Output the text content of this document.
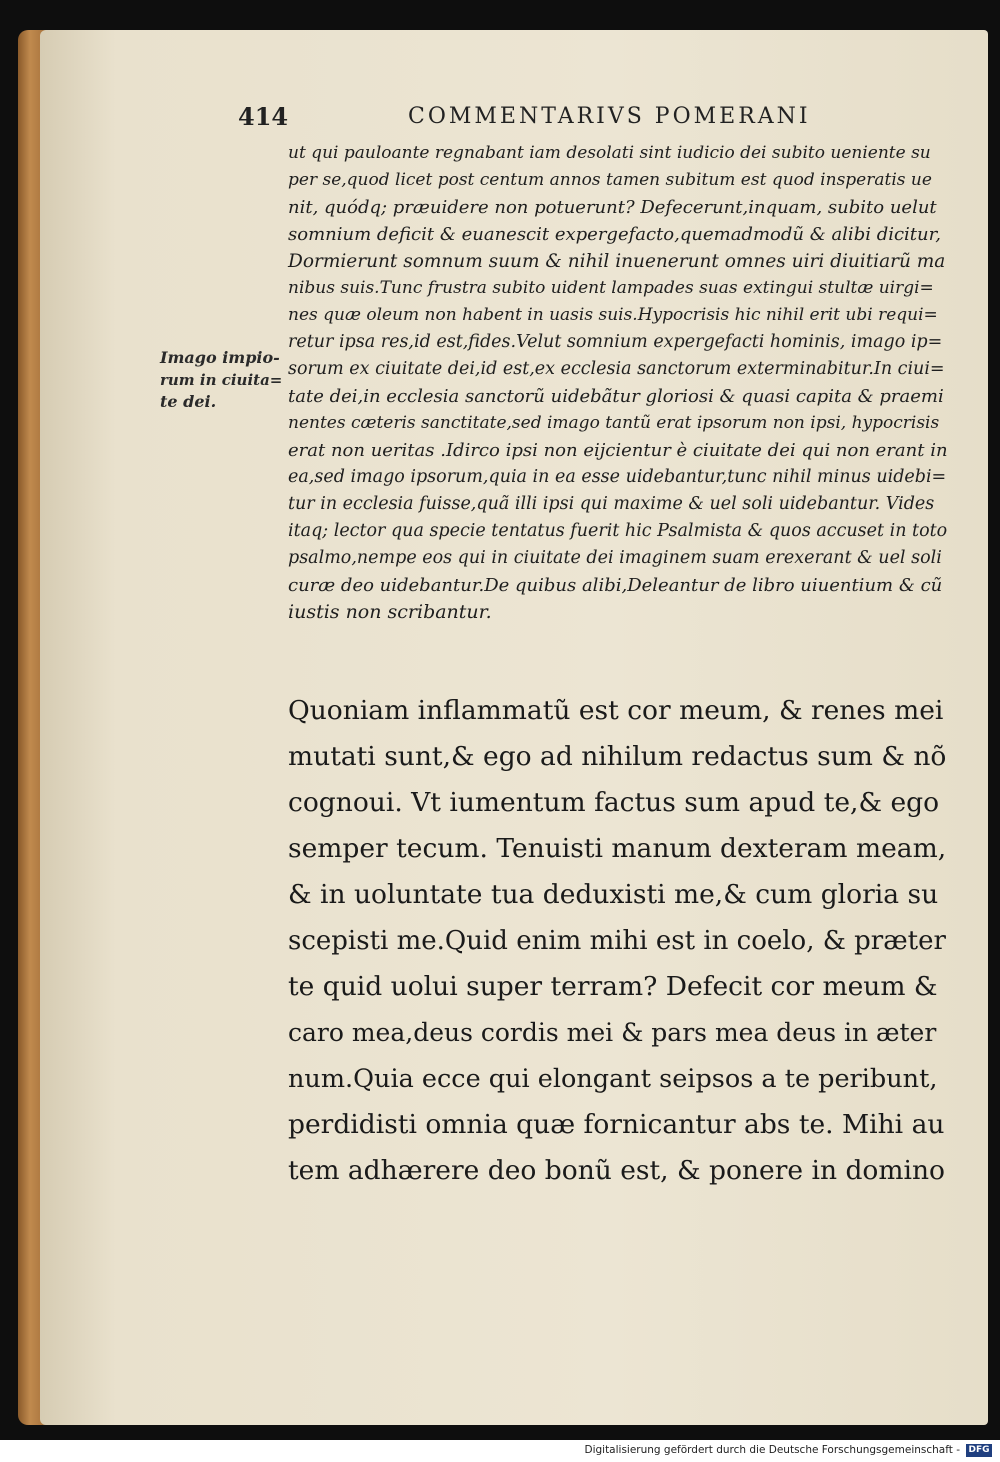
414	COMMENTARIVS POMERANI
Imago impio-
rum in ciuita=
te dei.
ut qui pauloante regnabant iam desolati sint iudicio dei subito ueniente su
per se,quod licet post centum annos tamen subitum est quod insperatis ue
nit, quódq; præuidere non potuerunt? Defecerunt,inquam, subito uelut
somnium deficit & euanescit expergefacto,quemadmodũ & alibi dicitur,
Dormierunt somnum suum & nihil inuenerunt omnes uiri diuitiarũ ma
nibus suis.Tunc frustra subito uident lampades suas extingui stultæ uirgi=
nes quæ oleum non habent in uasis suis.Hypocrisis hic nihil erit ubi requi=
retur ipsa res,id est,fides.Velut somnium expergefacti hominis, imago ip=
sorum ex ciuitate dei,id est,ex ecclesia sanctorum exterminabitur.In ciui=
tate dei,in ecclesia sanctorũ uidebãtur gloriosi & quasi capita & praemi
nentes cæteris sanctitate,sed imago tantũ erat ipsorum non ipsi, hypocrisis
erat non ueritas .Idirco ipsi non eijcientur è ciuitate dei qui non erant in
ea,sed imago ipsorum,quia in ea esse uidebantur,tunc nihil minus uidebi=
tur in ecclesia fuisse,quã illi ipsi qui maxime & uel soli uidebantur. Vides
itaq; lector qua specie tentatus fuerit hic Psalmista & quos accuset in toto
psalmo,nempe eos qui in ciuitate dei imaginem suam erexerant & uel soli
curæ deo uidebantur.De quibus alibi,Deleantur de libro uiuentium & cũ
iustis non scribantur.
Quoniam inflammatũ est cor meum, & renes mei
mutati sunt,& ego ad nihilum redactus sum & nõ
cognoui. Vt iumentum factus sum apud te,& ego
semper tecum. Tenuisti manum dexteram meam,
& in uoluntate tua deduxisti me,& cum gloria su
scepisti me.Quid enim mihi est in coelo, & præter
te quid uolui super terram? Defecit cor meum &
caro mea,deus cordis mei & pars mea deus in æter
num.Quia ecce qui elongant seipsos a te peribunt,
perdidisti omnia quæ fornicantur abs te. Mihi au
tem adhærere deo bonũ est, & ponere in domino
Digitalisierung gefördert durch die Deutsche Forschungsgemeinschaft - DFG
